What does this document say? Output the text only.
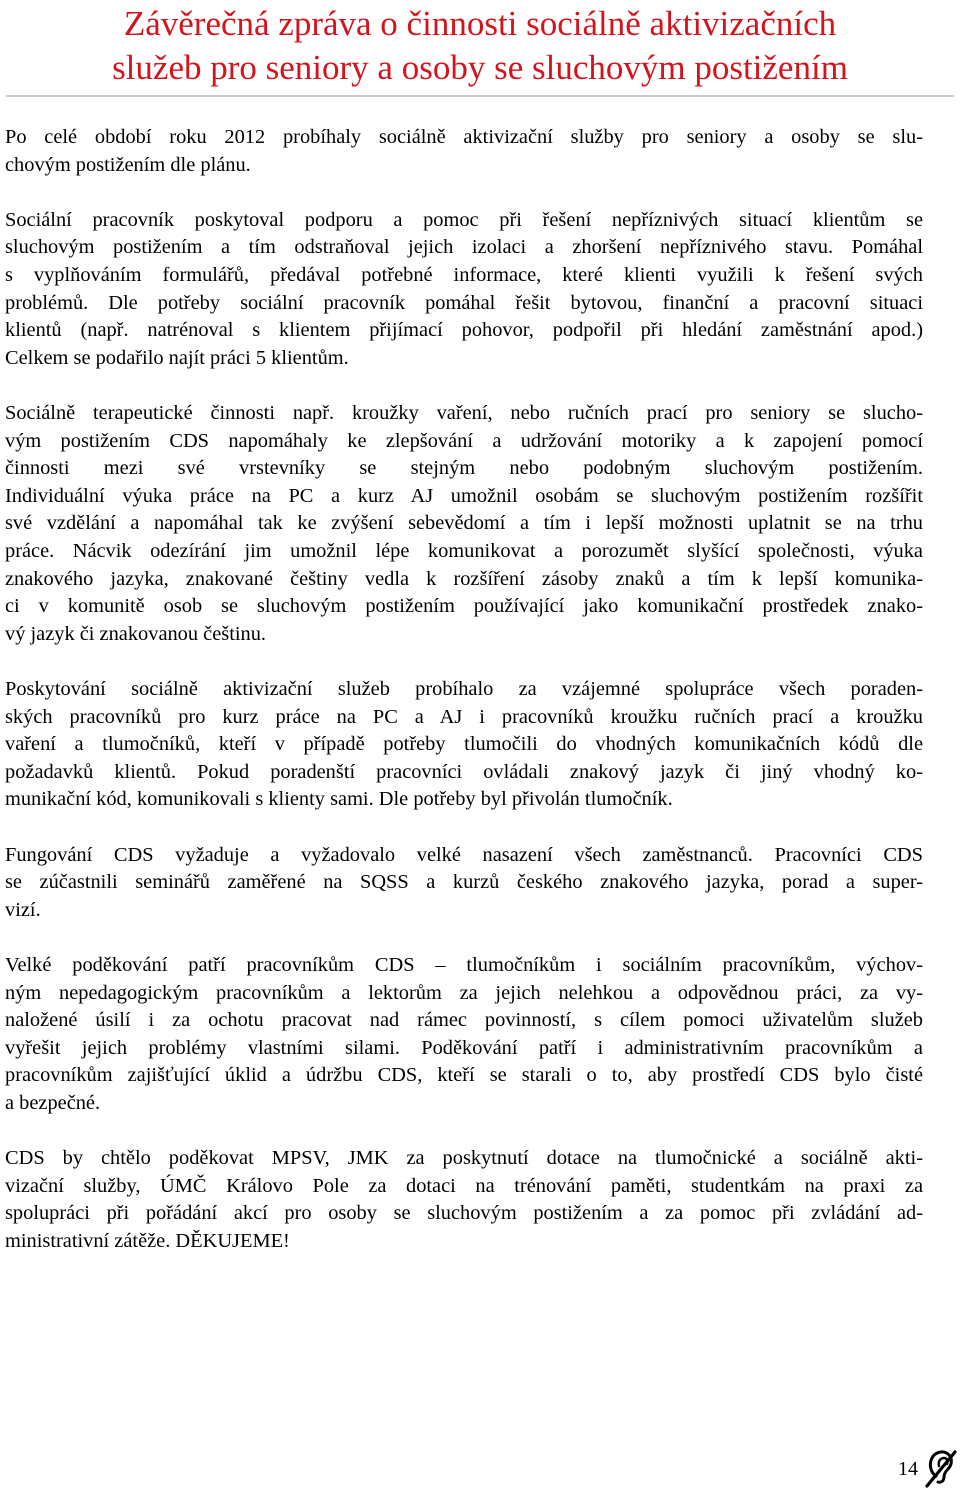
Závěrečná zpráva o činnosti sociálně aktivizačních
služeb pro seniory a osoby se sluchovým postižením
Po celé období roku 2012 probíhaly sociálně aktivizační služby pro seniory a osoby se slu-
chovým postižením dle plánu.
Sociální pracovník poskytoval podporu a pomoc při řešení nepříznivých situací klientům se
sluchovým postižením a tím odstraňoval jejich izolaci a zhoršení nepříznivého stavu. Pomáhal
s vyplňováním formulářů, předával potřebné informace, které klienti využili k řešení svých
problémů. Dle potřeby sociální pracovník pomáhal řešit bytovou, finanční a pracovní situaci
klientů (např. natrénoval s klientem přijímací pohovor, podpořil při hledání zaměstnání apod.)
Celkem se podařilo najít práci 5 klientům.
Sociálně terapeutické činnosti např. kroužky vaření, nebo ručních prací pro seniory se slucho-
vým postižením CDS napomáhaly ke zlepšování a udržování motoriky a k zapojení pomocí
činnosti mezi své vrstevníky se stejným nebo podobným sluchovým postižením.
Individuální výuka práce na PC a kurz AJ umožnil osobám se sluchovým postižením rozšířit
své vzdělání a napomáhal tak ke zvýšení sebevědomí a tím i lepší možnosti uplatnit se na trhu
práce. Nácvik odezírání jim umožnil lépe komunikovat a porozumět slyšící společnosti, výuka
znakového jazyka, znakované češtiny vedla k rozšíření zásoby znaků a tím k lepší komunika-
ci v komunitě osob se sluchovým postižením používající jako komunikační prostředek znako-
vý jazyk či znakovanou češtinu.
Poskytování sociálně aktivizační služeb probíhalo za vzájemné spolupráce všech poraden-
ských pracovníků pro kurz práce na PC a AJ i pracovníků kroužku ručních prací a kroužku
vaření a tlumočníků, kteří v případě potřeby tlumočili do vhodných komunikačních kódů dle
požadavků klientů. Pokud poradenští pracovníci ovládali znakový jazyk či jiný vhodný ko-
munikační kód, komunikovali s klienty sami. Dle potřeby byl přivolán tlumočník.
Fungování CDS vyžaduje a vyžadovalo velké nasazení všech zaměstnanců. Pracovníci CDS
se zúčastnili seminářů zaměřené na SQSS a kurzů českého znakového jazyka, porad a super-
vizí.
Velké poděkování patří pracovníkům CDS – tlumočníkům i sociálním pracovníkům, výchov-
ným nepedagogickým pracovníkům a lektorům za jejich nelehkou a odpovědnou práci, za vy-
naložené úsilí i za ochotu pracovat nad rámec povinností, s cílem pomoci uživatelům služeb
vyřešit jejich problémy vlastními silami. Poděkování patří i administrativním pracovníkům a
pracovníkům zajišťující úklid a údržbu CDS, kteří se starali o to, aby prostředí CDS bylo čisté
a bezpečné.
CDS by chtělo poděkovat MPSV, JMK za poskytnutí dotace na tlumočnické a sociálně akti-
vizační služby, ÚMČ Královo Pole za dotaci na trénování paměti, studentkám na praxi za
spolupráci při pořádání akcí pro osoby se sluchovým postižením a za pomoc při zvládání ad-
ministrativní zátěže. DĚKUJEME!
14
